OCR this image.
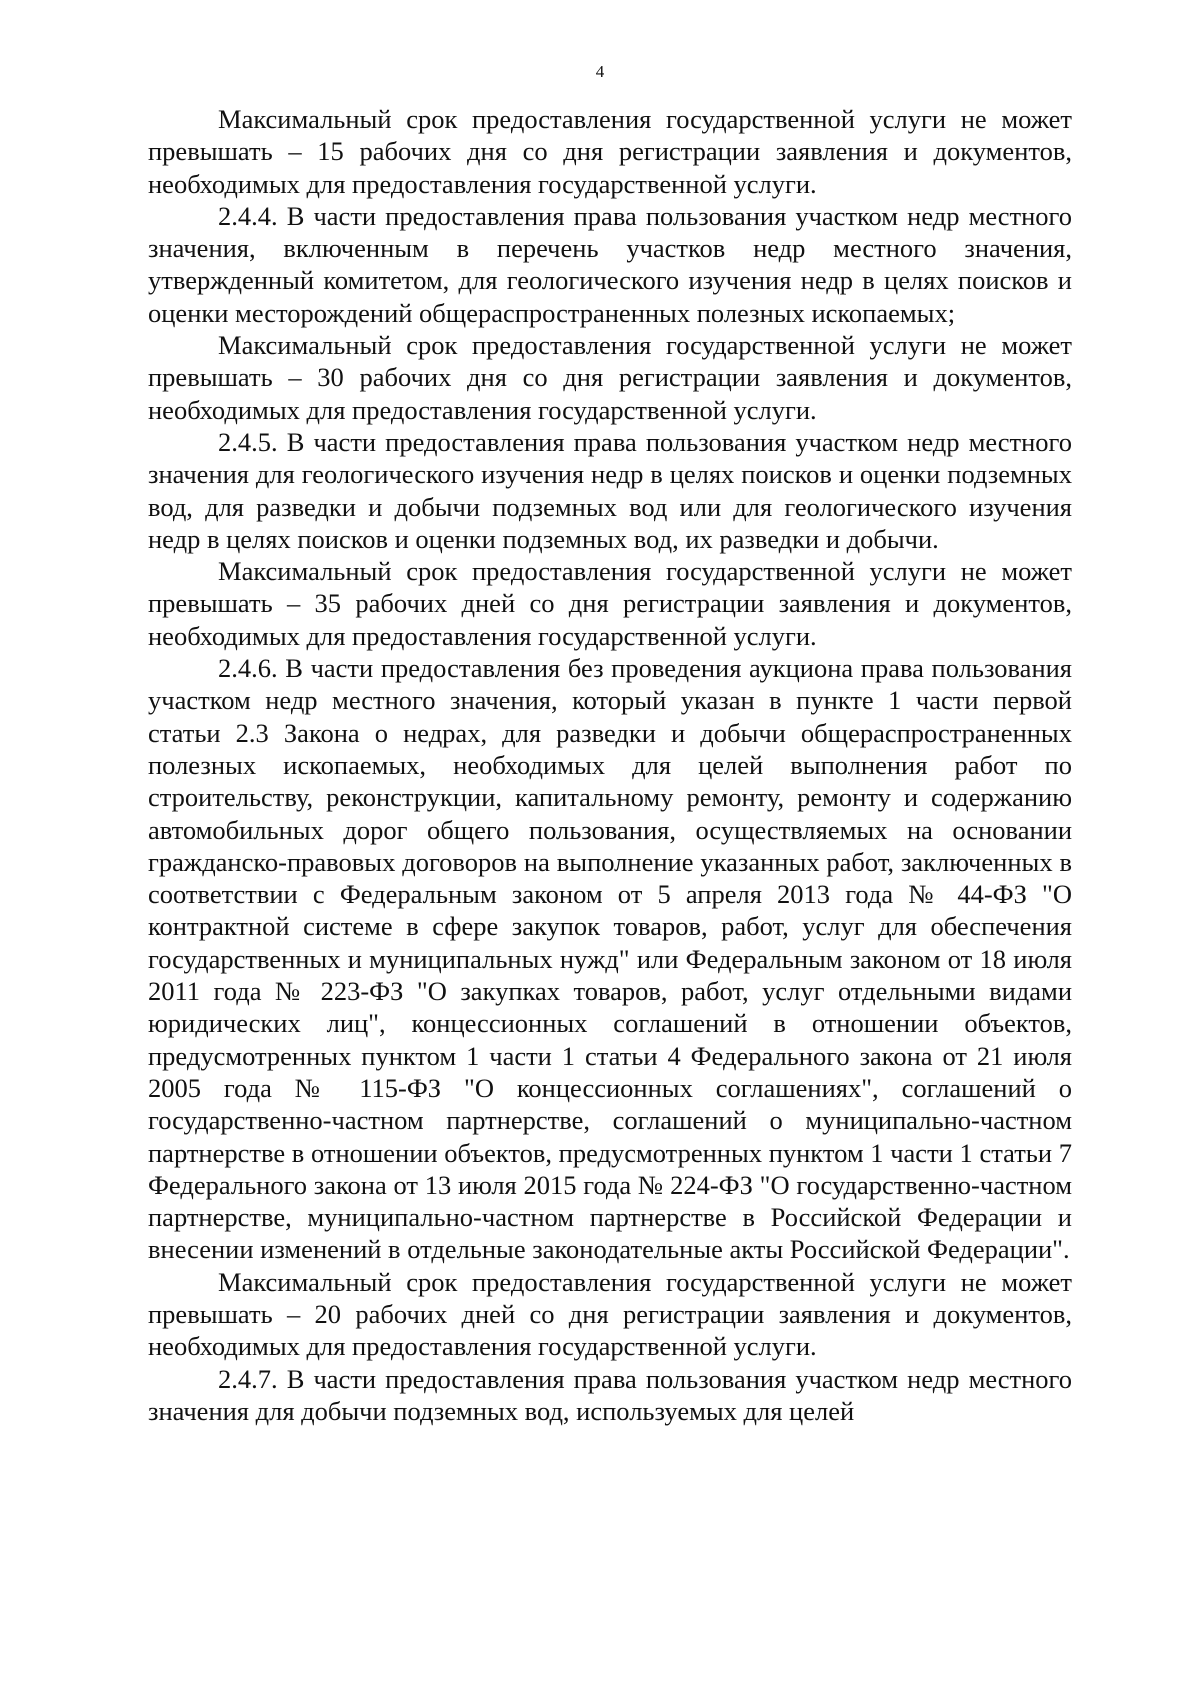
4

Максимальный срок предоставления государственной услуги не может превышать – 15 рабочих дня со дня регистрации заявления и документов, необходимых для предоставления государственной услуги.

2.4.4. В части предоставления права пользования участком недр местного значения, включенным в перечень участков недр местного значения, утвержденный комитетом, для геологического изучения недр в целях поисков и оценки месторождений общераспространенных полезных ископаемых;

Максимальный срок предоставления государственной услуги не может превышать – 30 рабочих дня со дня регистрации заявления и документов, необходимых для предоставления государственной услуги.

2.4.5. В части предоставления права пользования участком недр местного значения для геологического изучения недр в целях поисков и оценки подземных вод, для разведки и добычи подземных вод или для геологического изучения недр в целях поисков и оценки подземных вод, их разведки и добычи.

Максимальный срок предоставления государственной услуги не может превышать – 35 рабочих дней со дня регистрации заявления и документов, необходимых для предоставления государственной услуги.

2.4.6. В части предоставления без проведения аукциона права пользования участком недр местного значения, который указан в пункте 1 части первой статьи 2.3 Закона о недрах, для разведки и добычи общераспространенных полезных ископаемых, необходимых для целей выполнения работ по строительству, реконструкции, капитальному ремонту, ремонту и содержанию автомобильных дорог общего пользования, осуществляемых на основании гражданско-правовых договоров на выполнение указанных работ, заключенных в соответствии с Федеральным законом от 5 апреля 2013 года № 44-ФЗ "О контрактной системе в сфере закупок товаров, работ, услуг для обеспечения государственных и муниципальных нужд" или Федеральным законом от 18 июля 2011 года № 223-ФЗ "О закупках товаров, работ, услуг отдельными видами юридических лиц", концессионных соглашений в отношении объектов, предусмотренных пунктом 1 части 1 статьи 4 Федерального закона от 21 июля 2005 года № 115-ФЗ "О концессионных соглашениях", соглашений о государственно-частном партнерстве, соглашений о муниципально-частном партнерстве в отношении объектов, предусмотренных пунктом 1 части 1 статьи 7 Федерального закона от 13 июля 2015 года № 224-ФЗ "О государственно-частном партнерстве, муниципально-частном партнерстве в Российской Федерации и внесении изменений в отдельные законодательные акты Российской Федерации".

Максимальный срок предоставления государственной услуги не может превышать – 20 рабочих дней со дня регистрации заявления и документов, необходимых для предоставления государственной услуги.

2.4.7. В части предоставления права пользования участком недр местного значения для добычи подземных вод, используемых для целей
